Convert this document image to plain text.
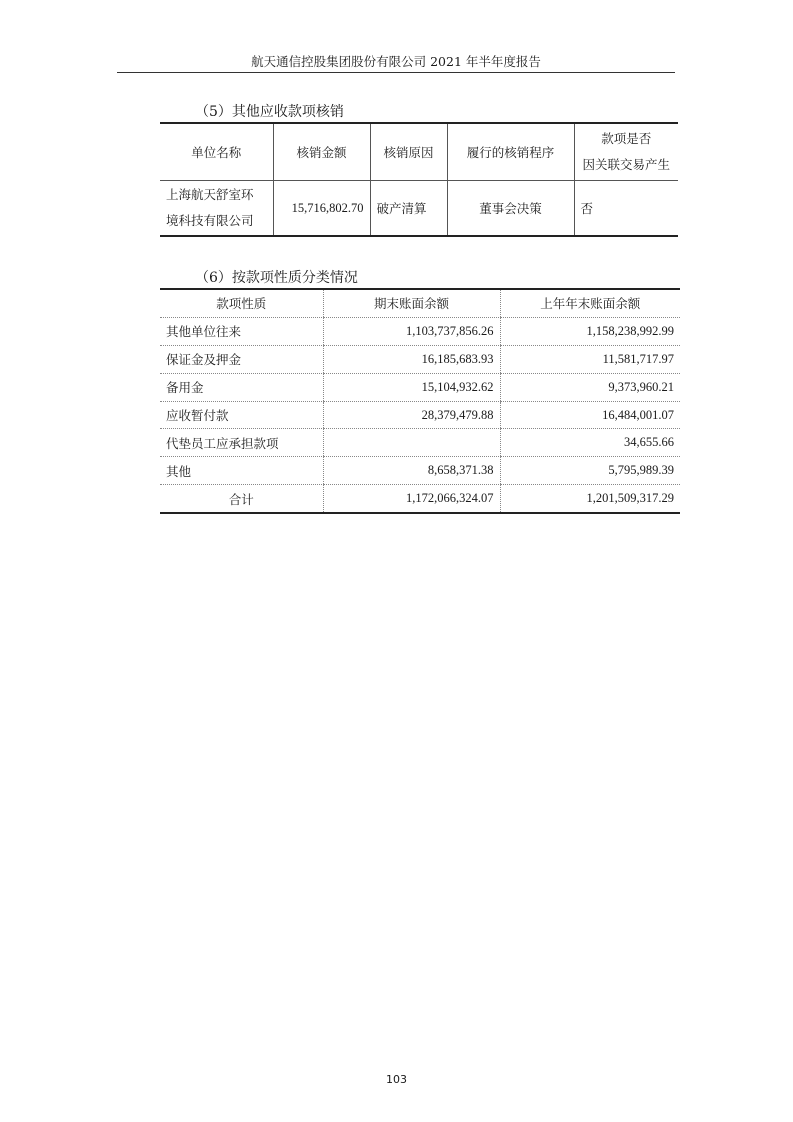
航天通信控股集团股份有限公司 2021 年半年度报告
（5）其他应收款项核销
单位名称	核销金额	核销原因	履行的核销程序	款项是否
因关联交易产生
上海航天舒室环
境科技有限公司	15,716,802.70	破产清算	董事会决策	否
（6）按款项性质分类情况
款项性质	期末账面余额	上年年末账面余额
其他单位往来	1,103,737,856.26	1,158,238,992.99
保证金及押金	16,185,683.93	11,581,717.97
备用金	15,104,932.62	9,373,960.21
应收暂付款	28,379,479.88	16,484,001.07
代垫员工应承担款项		34,655.66
其他	8,658,371.38	5,795,989.39
合计	1,172,066,324.07	1,201,509,317.29
103
